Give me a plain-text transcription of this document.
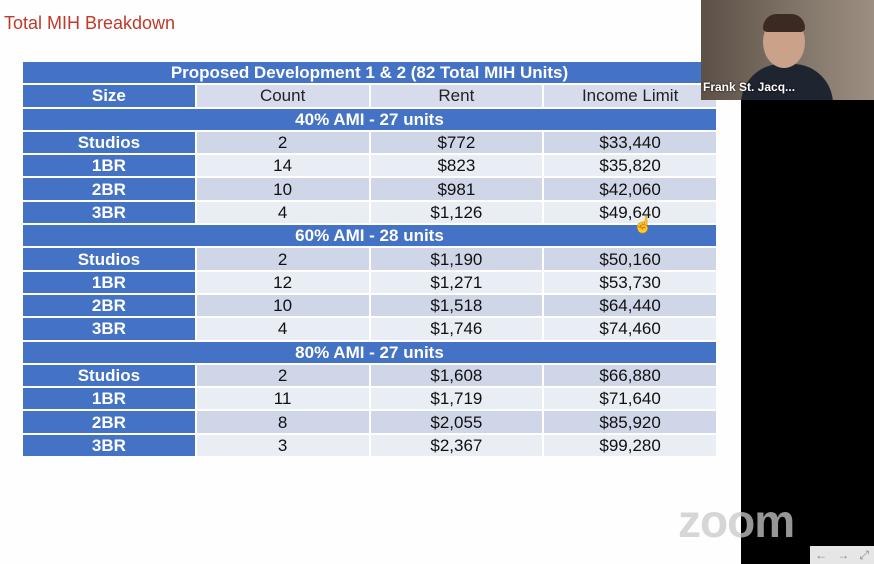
Total MIH Breakdown
Proposed Development 1 & 2 (82 Total MIH Units)			
Size	Count	Rent	Income Limit
40% AMI - 27 units			
Studios	2	$772	$33,440
1BR	14	$823	$35,820
2BR	10	$981	$42,060
3BR	4	$1,126	$49,640
60% AMI - 28 units			
Studios	2	$1,190	$50,160
1BR	12	$1,271	$53,730
2BR	10	$1,518	$64,440
3BR	4	$1,746	$74,460
80% AMI - 27 units			
Studios	2	$1,608	$66,880
1BR	11	$1,719	$71,640
2BR	8	$2,055	$85,920
3BR	3	$2,367	$99,280
☝
Frank St. Jacq...
zoom
← → ⤢
